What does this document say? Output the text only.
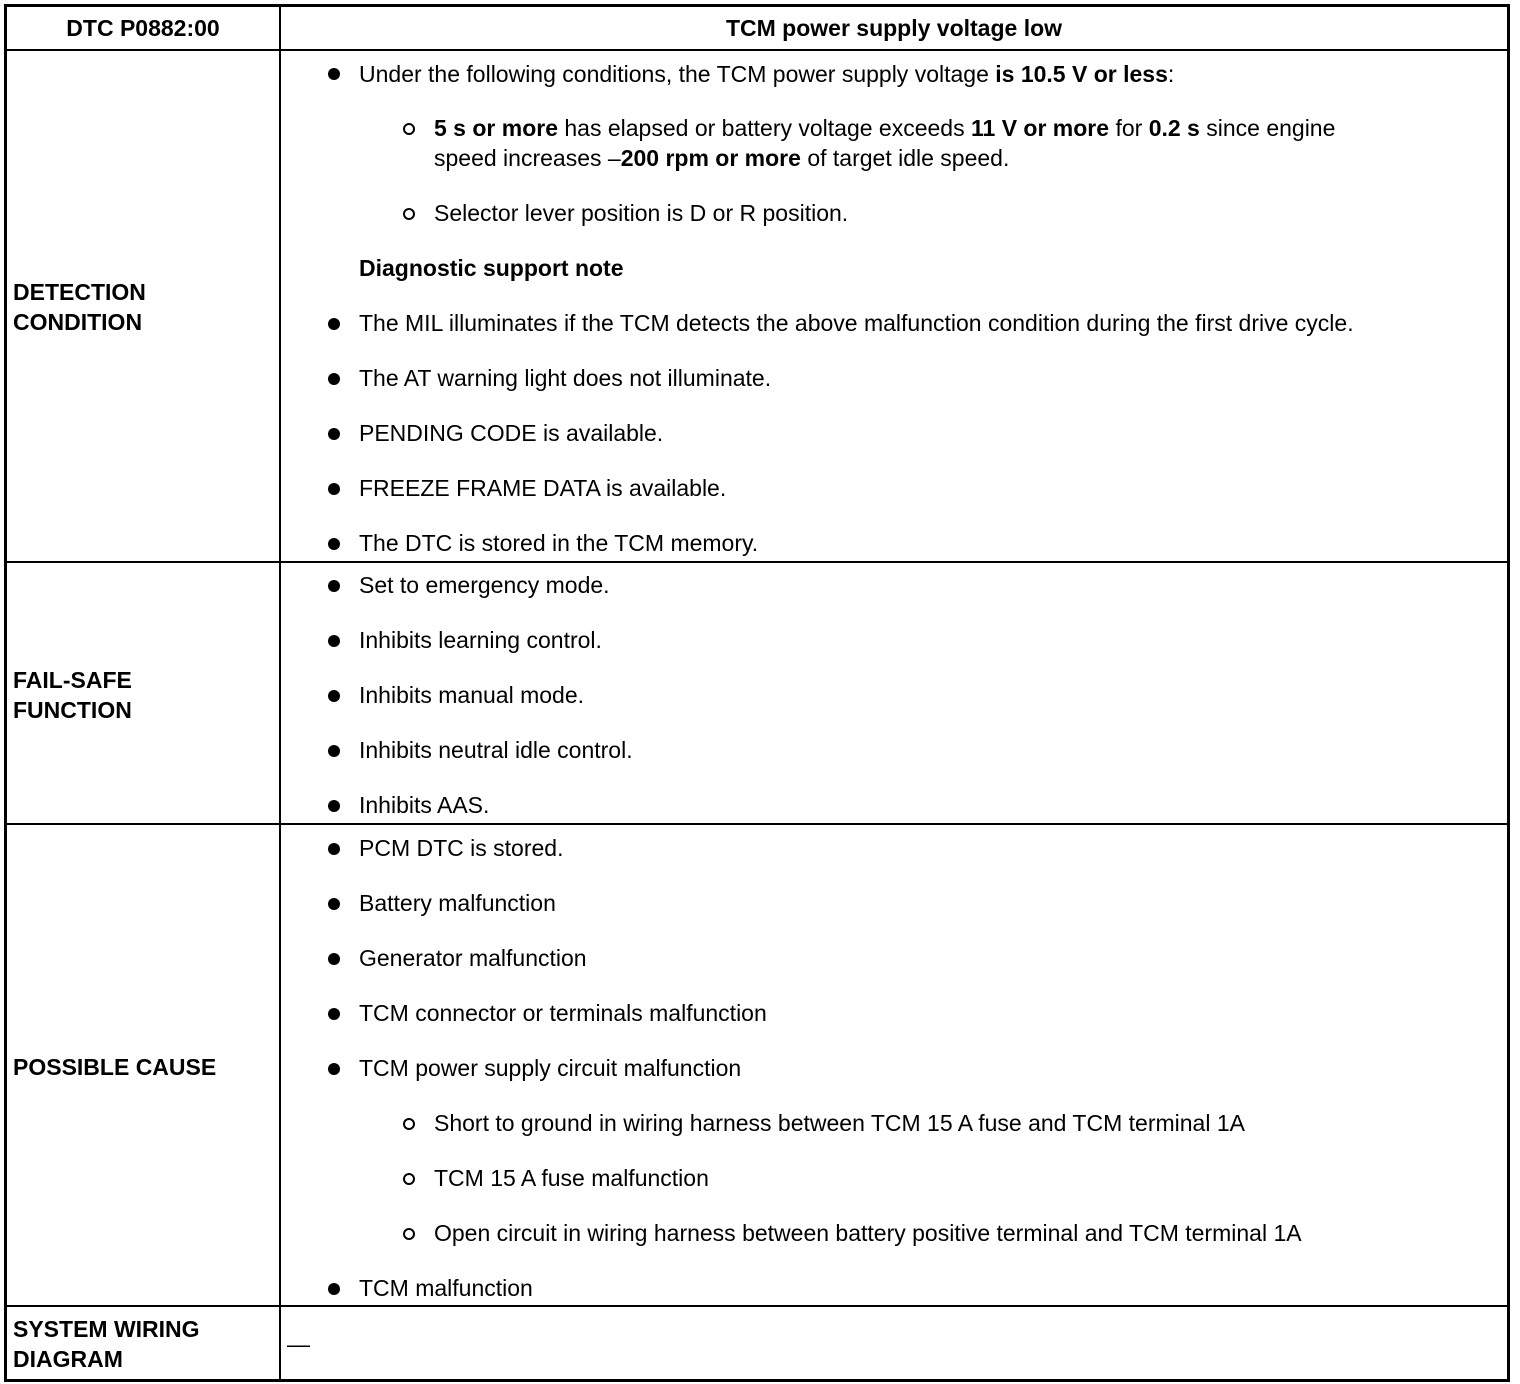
DTC P0882:00	TCM power supply voltage low
DETECTION
CONDITION
Under the following conditions, the TCM power supply voltage is 10.5 V or less:
5 s or more has elapsed or battery voltage exceeds 11 V or more for 0.2 s since engine
speed increases –200 rpm or more of target idle speed.
Selector lever position is D or R position.
Diagnostic support note
The MIL illuminates if the TCM detects the above malfunction condition during the first drive cycle.
The AT warning light does not illuminate.
PENDING CODE is available.
FREEZE FRAME DATA is available.
The DTC is stored in the TCM memory.
FAIL-SAFE
FUNCTION
Set to emergency mode.
Inhibits learning control.
Inhibits manual mode.
Inhibits neutral idle control.
Inhibits AAS.
POSSIBLE CAUSE
PCM DTC is stored.
Battery malfunction
Generator malfunction
TCM connector or terminals malfunction
TCM power supply circuit malfunction
Short to ground in wiring harness between TCM 15 A fuse and TCM terminal 1A
TCM 15 A fuse malfunction
Open circuit in wiring harness between battery positive terminal and TCM terminal 1A
TCM malfunction
SYSTEM WIRING
DIAGRAM
—
